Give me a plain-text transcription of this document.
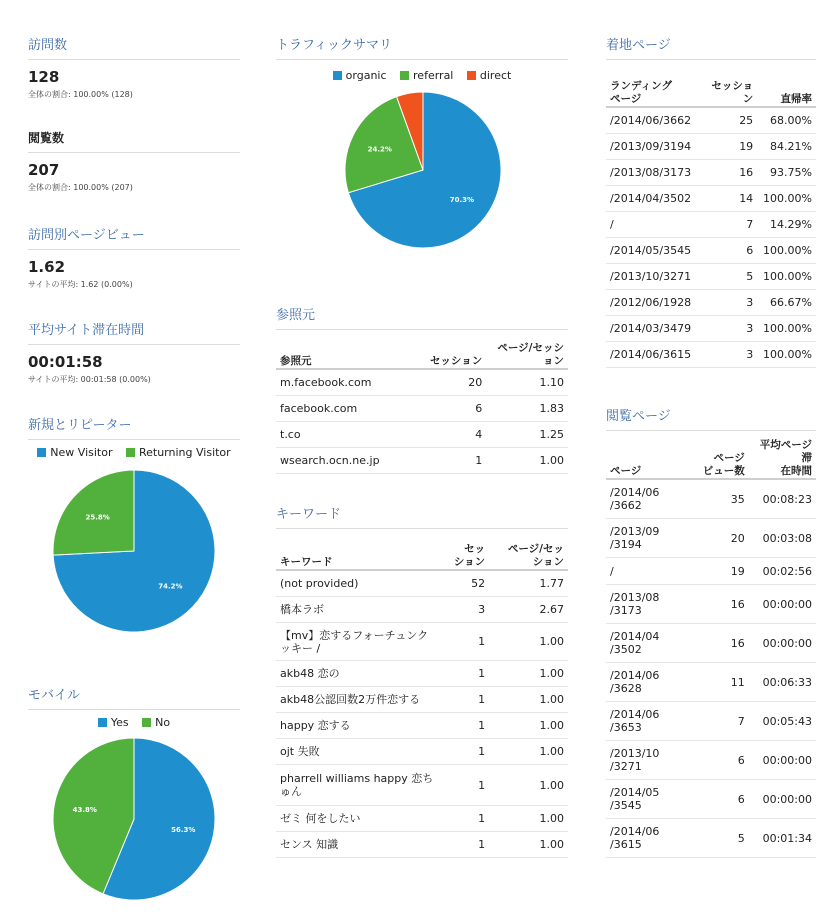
訪問数
128
全体の割合: 100.00% (128)
閲覧数
207
全体の割合: 100.00% (207)
訪問別ページビュー
1.62
サイトの平均: 1.62 (0.00%)
平均サイト滞在時間
00:01:58
サイトの平均: 00:01:58 (0.00%)
新規とリピーター
New Visitor Returning Visitor
モバイル
Yes No
74.2%
25.8%
56.3%
43.8%
トラフィックサマリ
organic referral direct
参照元
参照元	セッション	ページ/セッション
m.facebook.com	20	1.10
facebook.com	6	1.83
t.co	4	1.25
wsearch.ocn.ne.jp	1	1.00
キーワード
キーワード	セッ
ション	ページ/セッ
ション
(not provided)	52	1.77
橋本ラボ	3	2.67
【mv】恋するフォーチュンク
ッキー /	1	1.00
akb48 恋の	1	1.00
akb48公認回数2万件恋する	1	1.00
happy 恋する	1	1.00
ojt 失敗	1	1.00
pharrell williams happy 恋ち
ゅん	1	1.00
ゼミ 何をしたい	1	1.00
センス 知識	1	1.00
70.3%
24.2%
着地ページ
ランディング
ページ	セッショ
ン	直帰率
/2014/06/3662	25	68.00%
/2013/09/3194	19	84.21%
/2013/08/3173	16	93.75%
/2014/04/3502	14	100.00%
/	7	14.29%
/2014/05/3545	6	100.00%
/2013/10/3271	5	100.00%
/2012/06/1928	3	66.67%
/2014/03/3479	3	100.00%
/2014/06/3615	3	100.00%
閲覧ページ
ページ	ページ
ビュー数	平均ページ滞
在時間
/2014/06
/3662	35	00:08:23
/2013/09
/3194	20	00:03:08
/	19	00:02:56
/2013/08
/3173	16	00:00:00
/2014/04
/3502	16	00:00:00
/2014/06
/3628	11	00:06:33
/2014/06
/3653	7	00:05:43
/2013/10
/3271	6	00:00:00
/2014/05
/3545	6	00:00:00
/2014/06
/3615	5	00:01:34
